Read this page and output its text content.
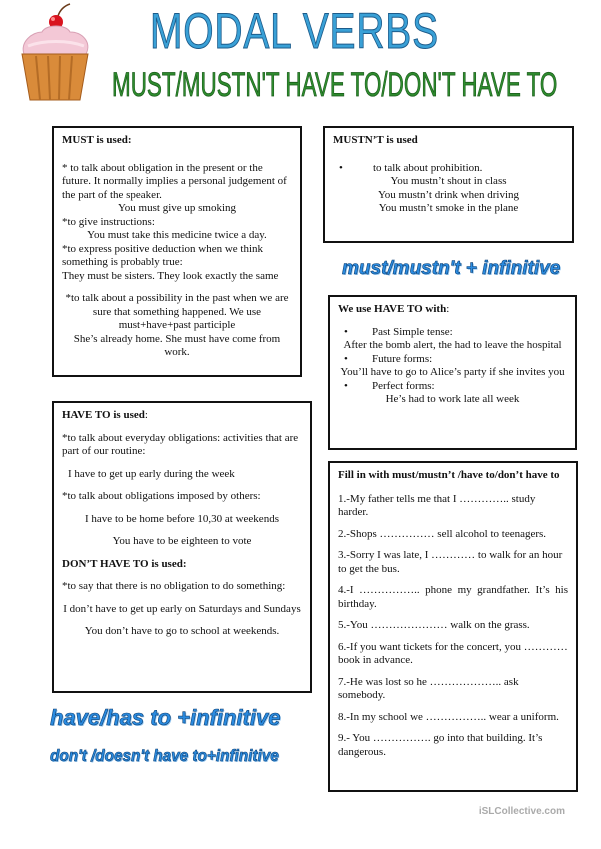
MODAL VERBS
MUST/MUSTN'T HAVE TO/DON'T HAVE TO

MUST is used:

* to talk about obligation in the present or the future. It normally implies a personal judgement of the part of the speaker.

You must give up smoking

*to give instructions:

You must take this medicine twice a day.

*to express positive deduction when we think something is probably true:

They must be sisters. They look exactly the same

*to talk about a possibility in the past when we are sure that something happened. We use must+have+past participle

She’s already home. She must have come from work.

MUSTN’T is used

• to talk about prohibition.

You mustn’t shout in class

You mustn’t drink when driving

You mustn’t smoke in the plane

must/mustn't + infinitive

We use HAVE TO with:

• Past Simple tense:

After the bomb alert, the had to leave the hospital

• Future forms:

You’ll have to go to Alice’s party if she invites you

• Perfect forms:

He’s had to work late all week

HAVE TO is used:

*to talk about everyday obligations: activities that are part of our routine:

I have to get up early during the week

*to talk about obligations imposed by others:

I have to be home before 10,30 at weekends

You have to be eighteen to vote

DON’T HAVE TO is used:

*to say that there is no obligation to do something:

I don’t have to get up early on Saturdays and Sundays

You don’t have to go to school at weekends.

have/has to +infinitive
don't /doesn't have to+infinitive

Fill in with must/mustn’t /have to/don’t have to

1.-My father tells me that I ………….. study harder.

2.-Shops …………… sell alcohol to teenagers.

3.-Sorry I was late, I ………… to walk for an hour to get the bus.

4.-I …………….. phone my grandfather. It’s his birthday.

5.-You ………………… walk on the grass.

6.-If you want tickets for the concert, you ………… book in advance.

7.-He was lost so he ……………….. ask somebody.

8.-In my school we …………….. wear a uniform.

9.- You ……………. go into that building. It’s dangerous.

iSLCollective.com
